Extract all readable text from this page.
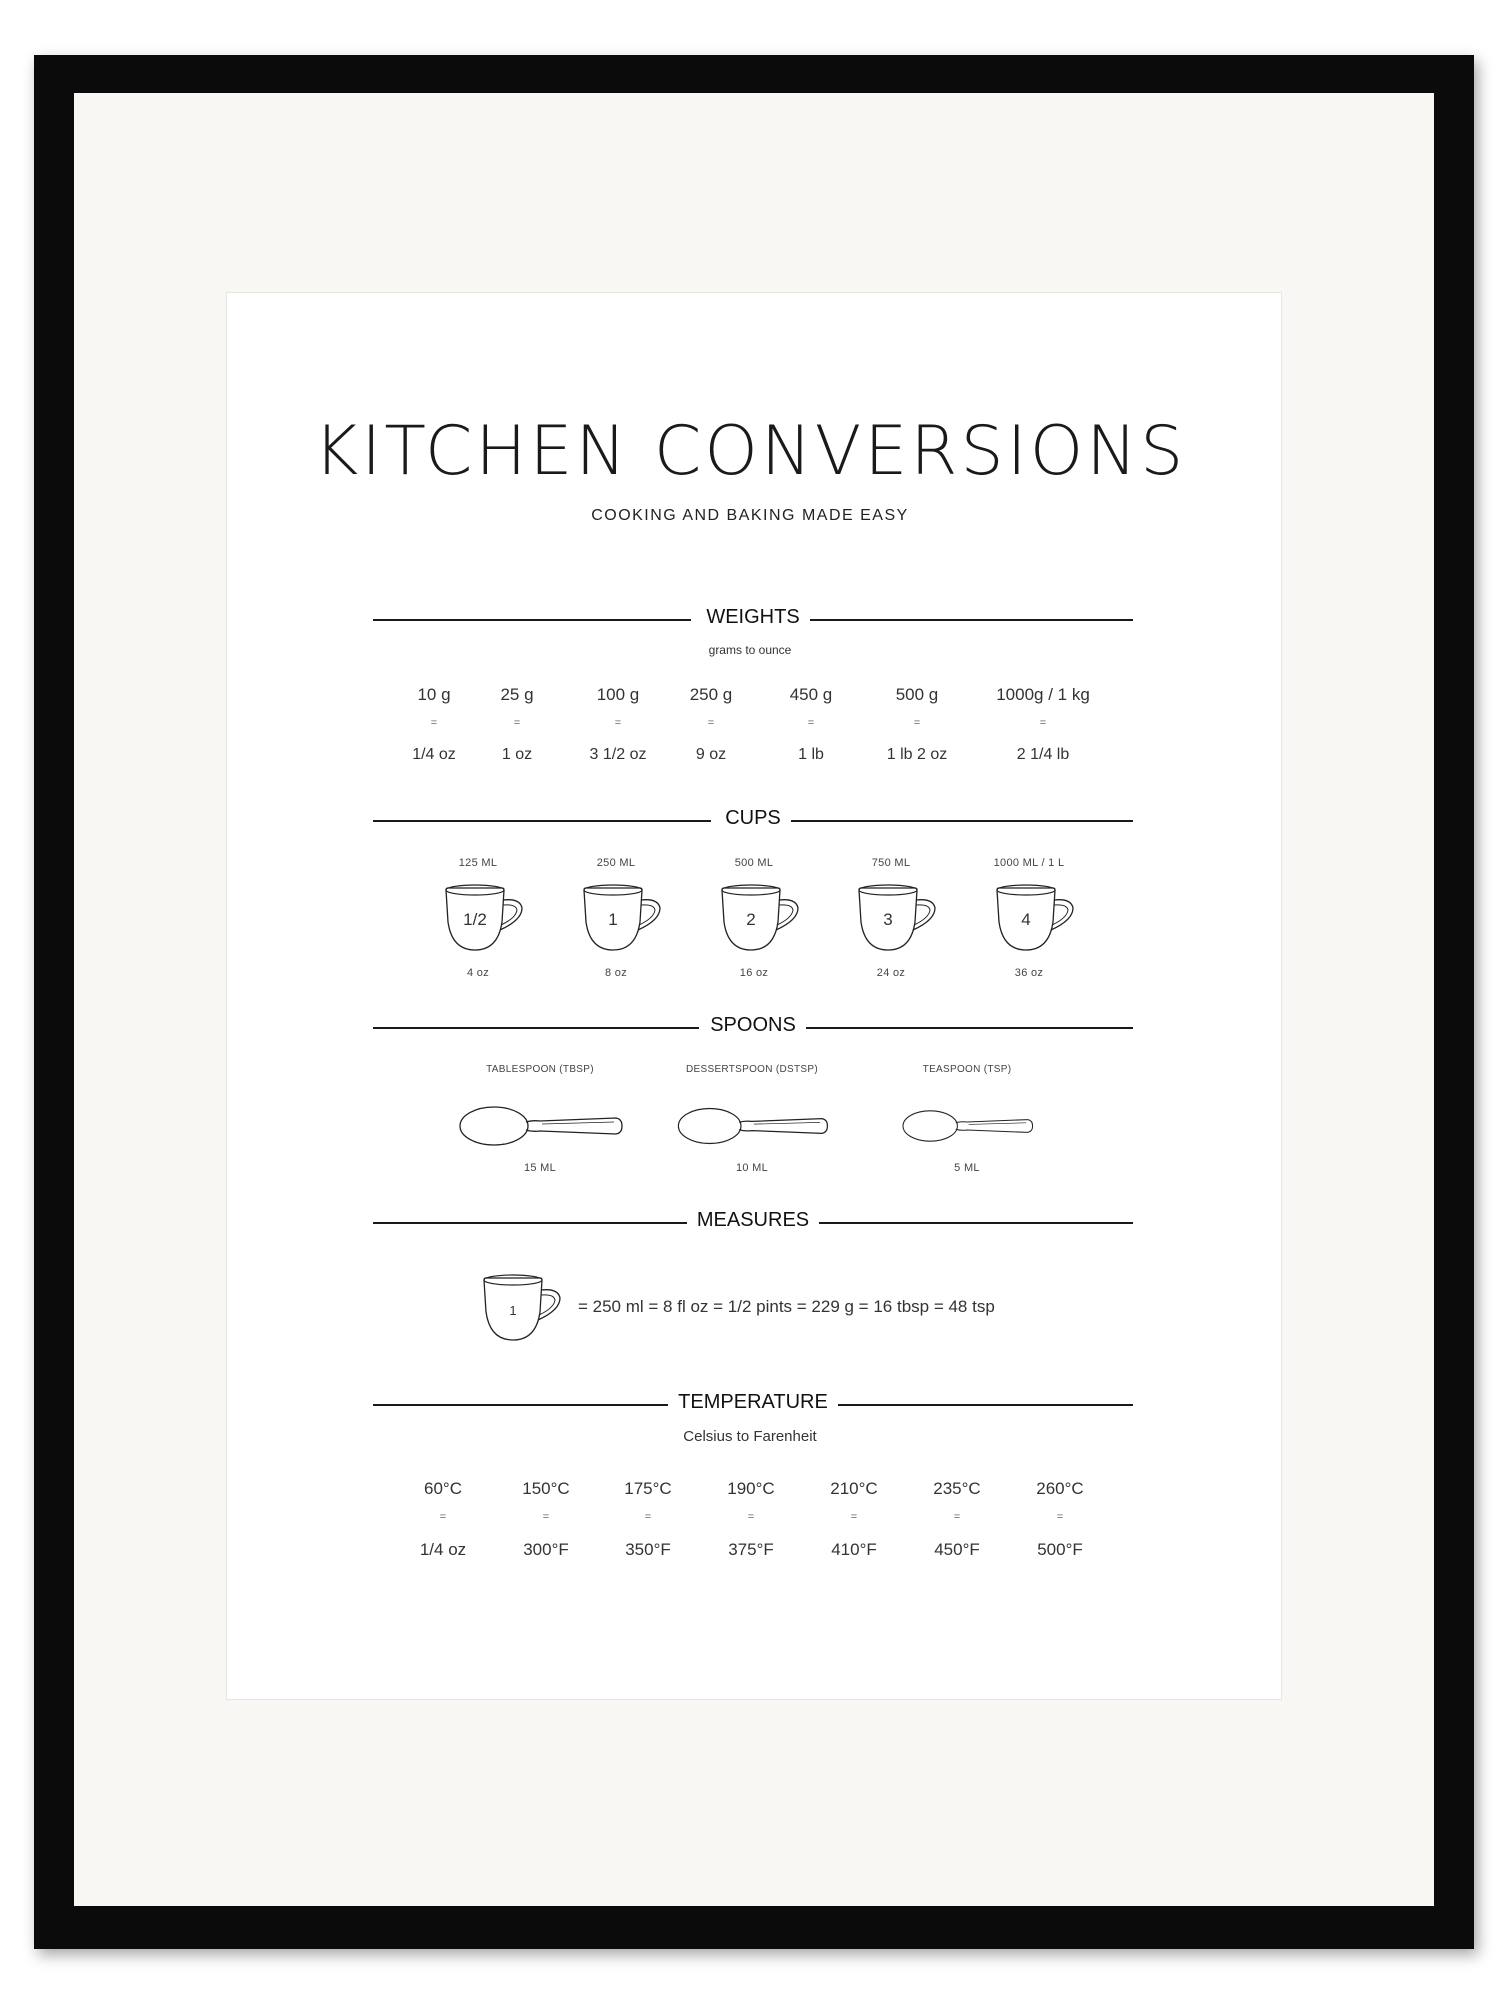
KITCHEN CONVERSIONS
COOKING AND BAKING MADE EASY
WEIGHTS
grams to ounce
10 g
=
1/4 oz
25 g
=
1 oz
100 g
=
3 1/2 oz
250 g
=
9 oz
450 g
=
1 lb
500 g
=
1 lb 2 oz
1000g / 1 kg
=
2 1/4 lb
CUPS
125 ML
1/2
4 oz
250 ML
1
8 oz
500 ML
2
16 oz
750 ML
3
24 oz
1000 ML / 1 L
4
36 oz
SPOONS
TABLESPOON (TBSP)
15 ML
DESSERTSPOON (DSTSP)
10 ML
TEASPOON (TSP)
5 ML
MEASURES
1	= 250 ml = 8 fl oz = 1/2 pints = 229 g = 16 tbsp = 48 tsp
TEMPERATURE
Celsius to Farenheit
60°C
=
1/4 oz
150°C
=
300°F
175°C
=
350°F
190°C
=
375°F
210°C
=
410°F
235°C
=
450°F
260°C
=
500°F
